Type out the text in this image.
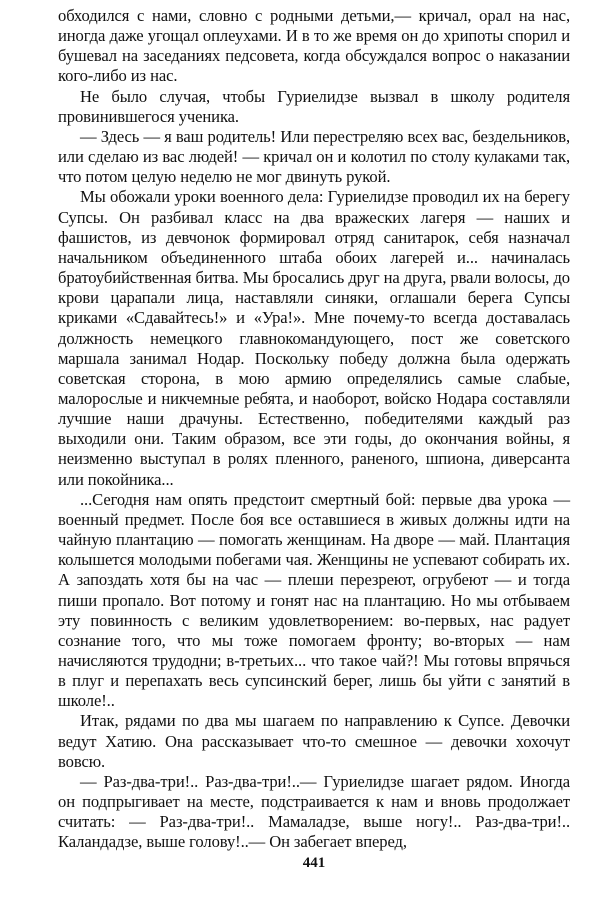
обходился с нами, словно с родными детьми,— кричал, орал на нас, иногда даже угощал оплеухами. И в то же время он до хрипоты спорил и бушевал на заседаниях педсовета, когда обсуждался вопрос о наказании кого-либо из нас.

Не было случая, чтобы Гуриелидзе вызвал в школу родителя провинившегося ученика.

— Здесь — я ваш родитель! Или перестреляю всех вас, бездельников, или сделаю из вас людей! — кричал он и колотил по столу кулаками так, что потом целую неделю не мог двинуть рукой.

Мы обожали уроки военного дела: Гуриелидзе проводил их на берегу Супсы. Он разбивал класс на два вражеских лагеря — наших и фашистов, из девчонок формировал отряд санитарок, себя назначал начальником объединенного штаба обоих лагерей и... начиналась братоубийственная битва. Мы бросались друг на друга, рвали волосы, до крови царапали лица, наставляли синяки, оглашали берега Супсы криками «Сдавайтесь!» и «Ура!». Мне почему-то всегда доставалась должность немецкого главнокомандующего, пост же советского маршала занимал Нодар. Поскольку победу должна была одержать советская сторона, в мою армию определялись самые слабые, малорослые и никчемные ребята, и наоборот, войско Нодара составляли лучшие наши драчуны. Естественно, победителями каждый раз выходили они. Таким образом, все эти годы, до окончания войны, я неизменно выступал в ролях пленного, раненого, шпиона, диверсанта или покойника...

...Сегодня нам опять предстоит смертный бой: первые два урока — военный предмет. После боя все оставшиеся в живых должны идти на чайную плантацию — помогать женщинам. На дворе — май. Плантация колышется молодыми побегами чая. Женщины не успевают собирать их. А запоздать хотя бы на час — плеши перезреют, огрубеют — и тогда пиши пропало. Вот потому и гонят нас на плантацию. Но мы отбываем эту повинность с великим удовлетворением: во-первых, нас радует сознание того, что мы тоже помогаем фронту; во-вторых — нам начисляются трудодни; в-третьих... что такое чай?! Мы готовы впрячься в плуг и перепахать весь супсинский берег, лишь бы уйти с занятий в школе!..

Итак, рядами по два мы шагаем по направлению к Супсе. Девочки ведут Хатию. Она рассказывает что-то смешное — девочки хохочут вовсю.

— Раз-два-три!.. Раз-два-три!..— Гуриелидзе шагает рядом. Иногда он подпрыгивает на месте, подстраивается к нам и вновь продолжает считать: — Раз-два-три!.. Мамаладзе, выше ногу!.. Раз-два-три!.. Каландадзе, выше голову!..— Он забегает вперед,

441
